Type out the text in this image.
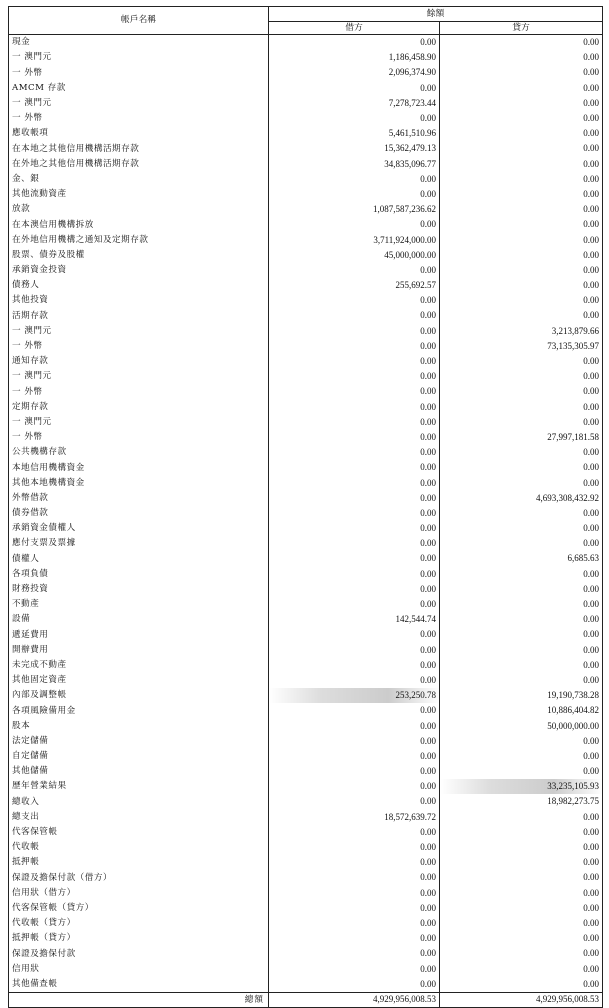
帳戶名稱	餘額	
	借方	貸方
現金	0.00	0.00
一 澳門元	1,186,458.90	0.00
一 外幣	2,096,374.90	0.00
AMCM 存款	0.00	0.00
一 澳門元	7,278,723.44	0.00
一 外幣	0.00	0.00
應收帳項	5,461,510.96	0.00
在本地之其他信用機構活期存款	15,362,479.13	0.00
在外地之其他信用機構活期存款	34,835,096.77	0.00
金、銀	0.00	0.00
其他流動資產	0.00	0.00
放款	1,087,587,236.62	0.00
在本澳信用機構拆放	0.00	0.00
在外地信用機構之通知及定期存款	3,711,924,000.00	0.00
股票、債券及股權	45,000,000.00	0.00
承銷資金投資	0.00	0.00
債務人	255,692.57	0.00
其他投資	0.00	0.00
活期存款	0.00	0.00
一 澳門元	0.00	3,213,879.66
一 外幣	0.00	73,135,305.97
通知存款	0.00	0.00
一 澳門元	0.00	0.00
一 外幣	0.00	0.00
定期存款	0.00	0.00
一 澳門元	0.00	0.00
一 外幣	0.00	27,997,181.58
公共機構存款	0.00	0.00
本地信用機構資金	0.00	0.00
其他本地機構資金	0.00	0.00
外幣借款	0.00	4,693,308,432.92
債券借款	0.00	0.00
承銷資金債權人	0.00	0.00
應付支票及票據	0.00	0.00
債權人	0.00	6,685.63
各項負債	0.00	0.00
財務投資	0.00	0.00
不動產	0.00	0.00
設備	142,544.74	0.00
遞延費用	0.00	0.00
開辦費用	0.00	0.00
未完成不動產	0.00	0.00
其他固定資產	0.00	0.00
內部及調整帳	253,250.78	19,190,738.28
各項風險備用金	0.00	10,886,404.82
股本	0.00	50,000,000.00
法定儲備	0.00	0.00
自定儲備	0.00	0.00
其他儲備	0.00	0.00
歷年營業結果	0.00	33,235,105.93
總收入	0.00	18,982,273.75
總支出	18,572,639.72	0.00
代客保管帳	0.00	0.00
代收帳	0.00	0.00
抵押帳	0.00	0.00
保證及擔保付款（借方）	0.00	0.00
信用狀（借方）	0.00	0.00
代客保管帳（貸方）	0.00	0.00
代收帳（貸方）	0.00	0.00
抵押帳（貸方）	0.00	0.00
保證及擔保付款	0.00	0.00
信用狀	0.00	0.00
其他備查帳	0.00	0.00
總額	4,929,956,008.53	4,929,956,008.53
